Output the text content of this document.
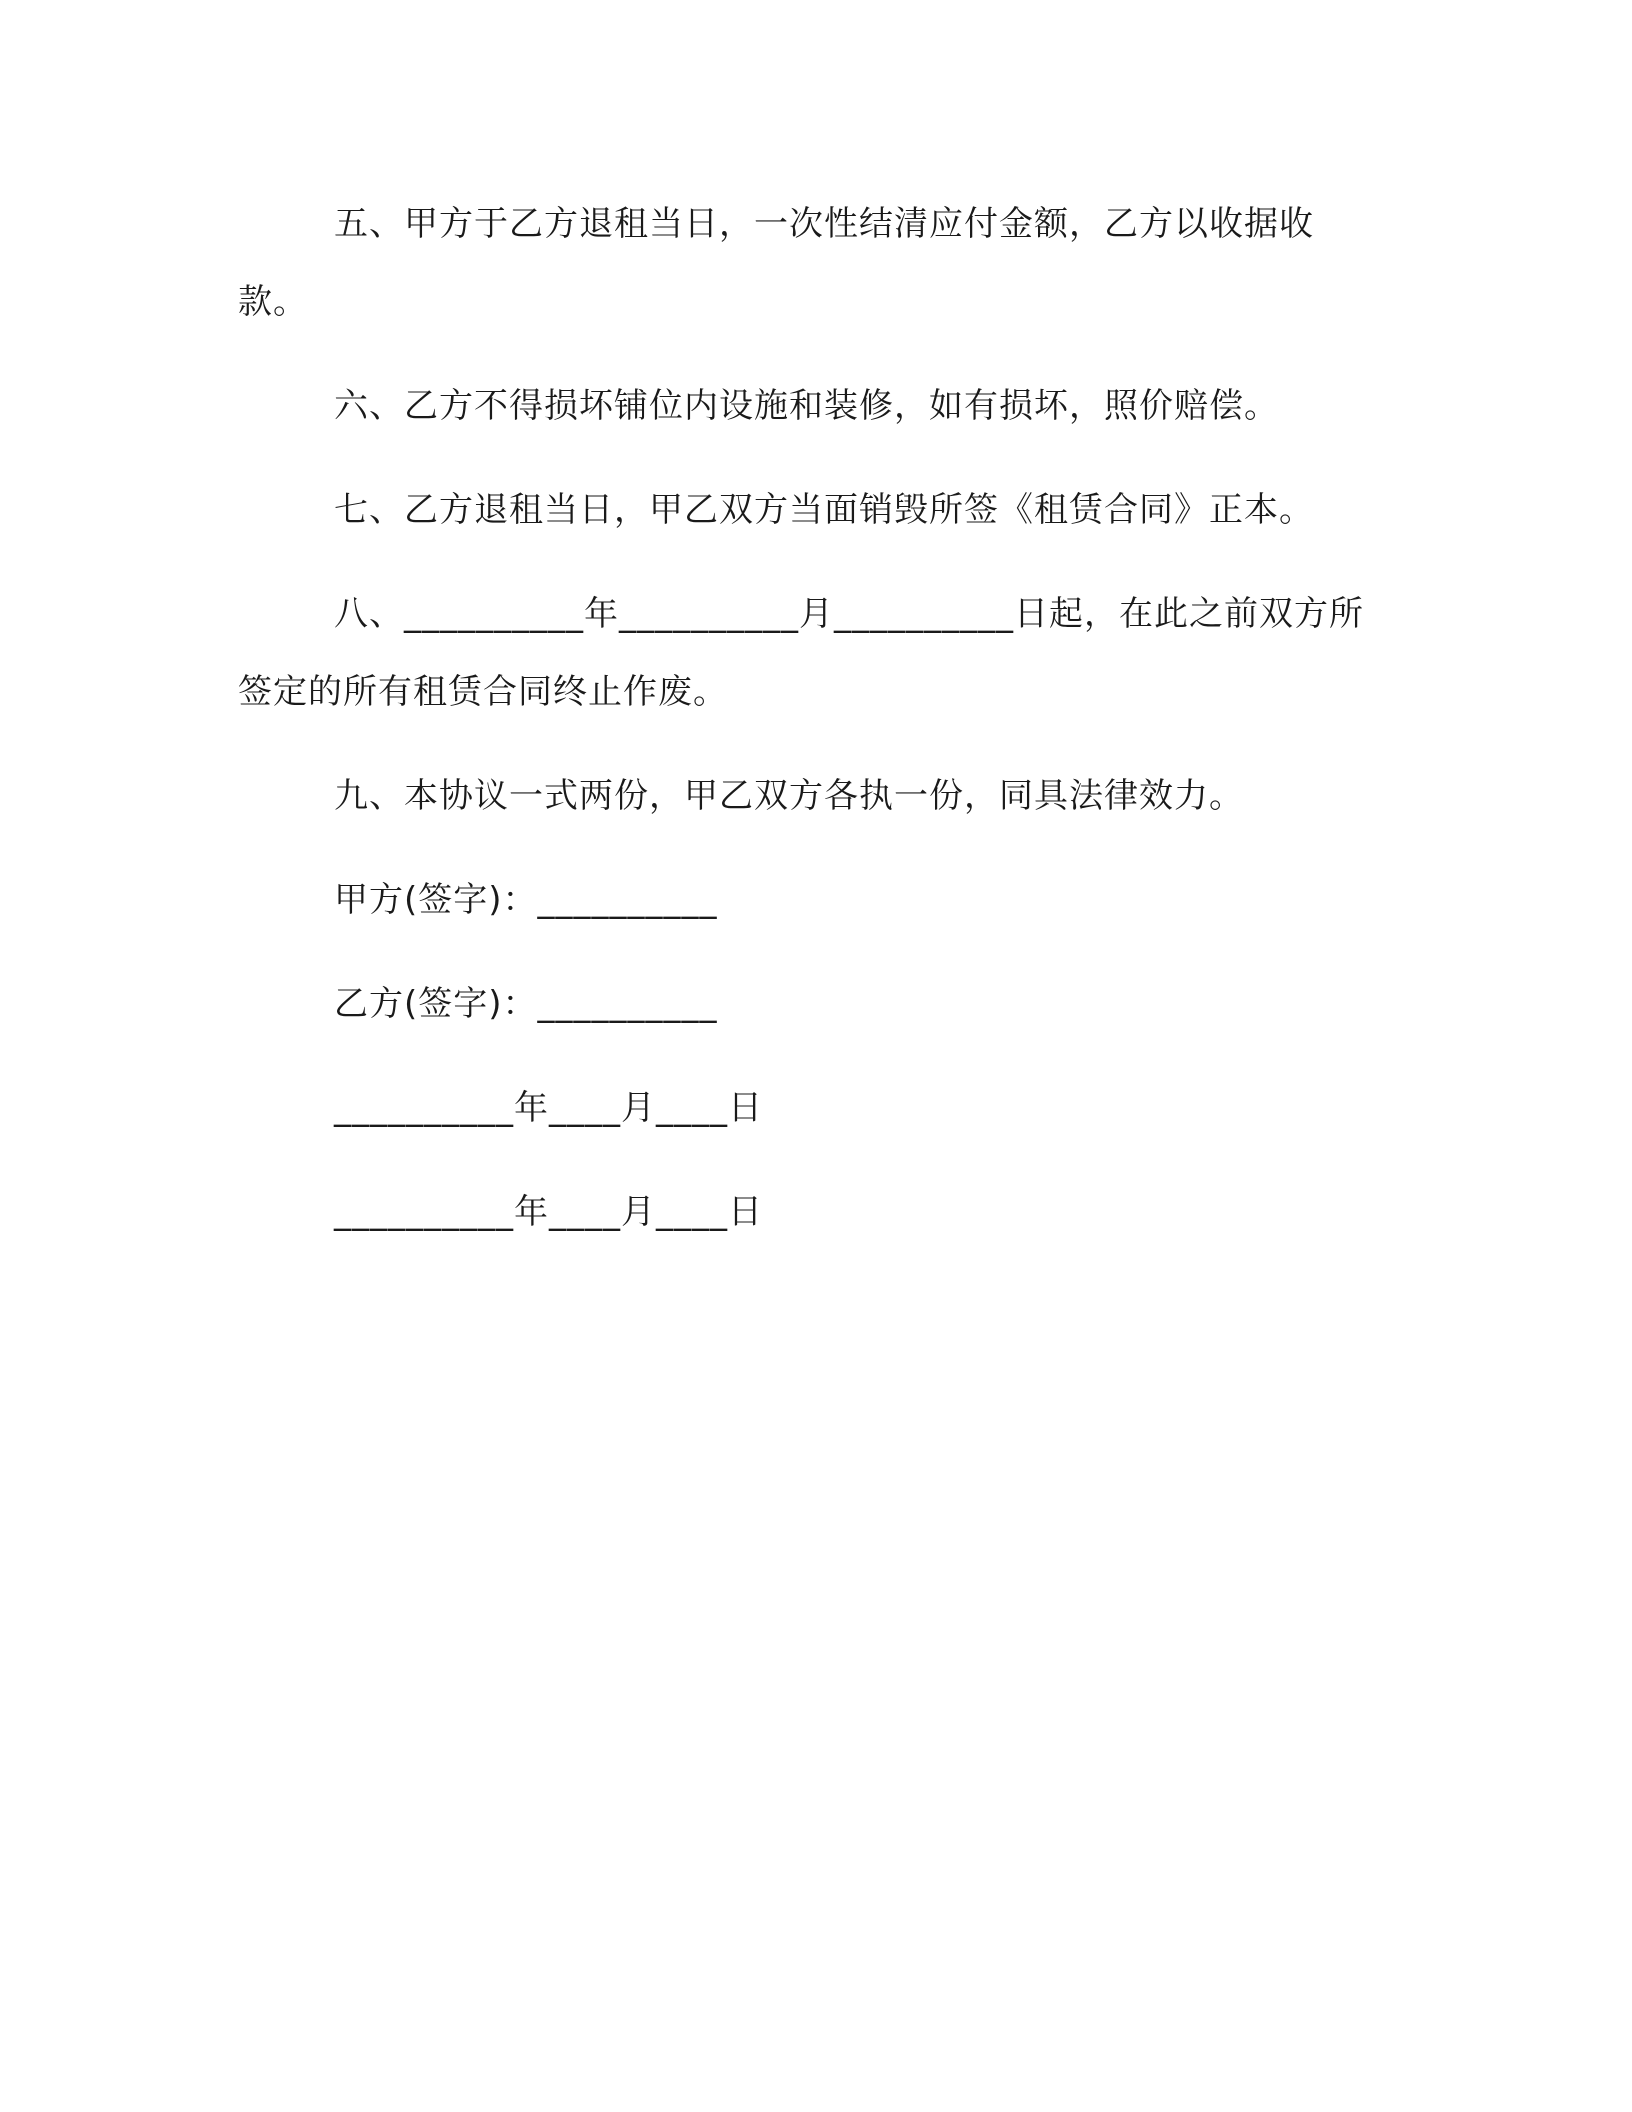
五、甲方于乙方退租当日，一次性结清应付金额，乙方以收据收款。

六、乙方不得损坏铺位内设施和装修，如有损坏，照价赔偿。

七、乙方退租当日，甲乙双方当面销毁所签《租赁合同》正本。

八、__________年__________月__________日起，在此之前双方所签定的所有租赁合同终止作废。

九、本协议一式两份，甲乙双方各执一份，同具法律效力。

甲方(签字)：__________
乙方(签字)：__________
__________年____月____日
__________年____月____日
